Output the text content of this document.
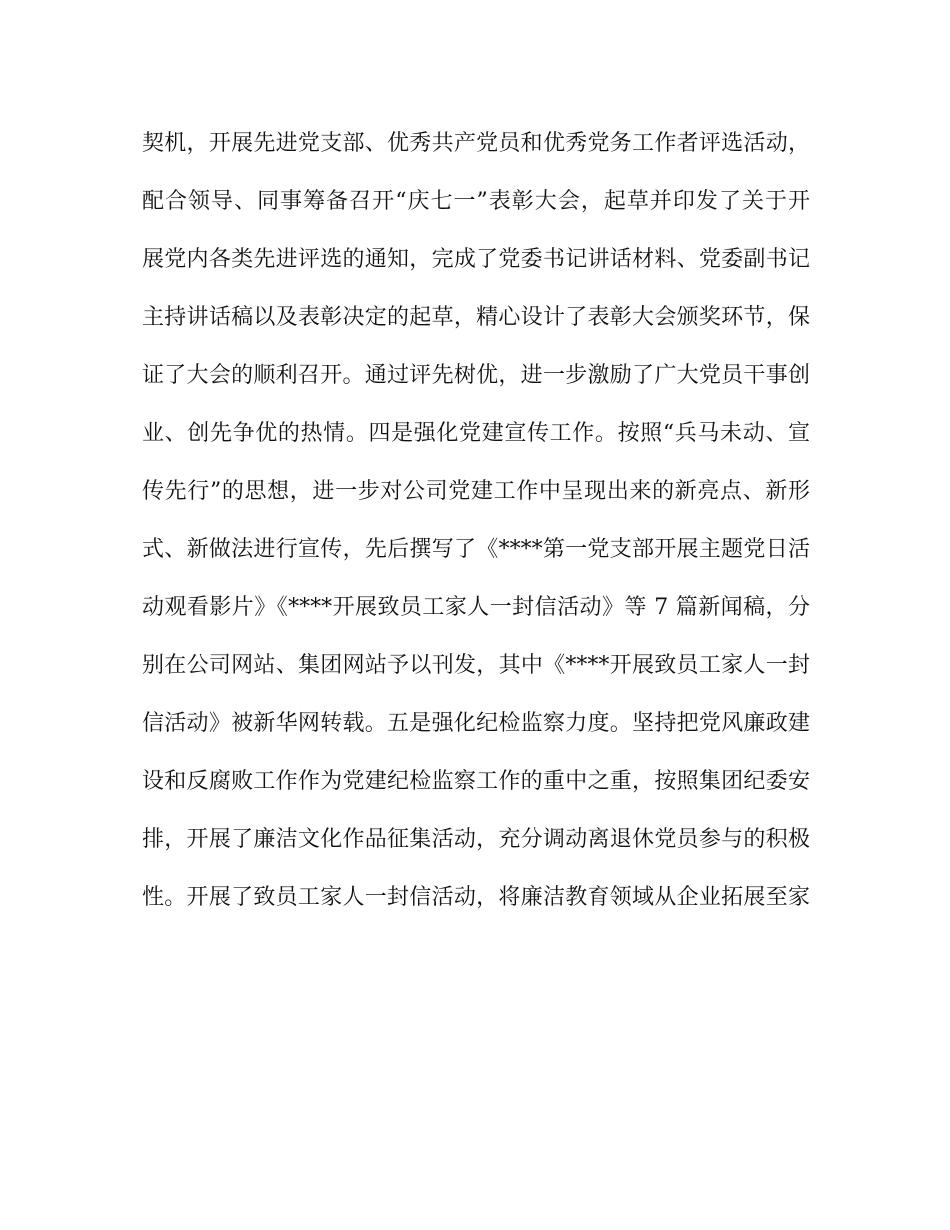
契机，开展先进党支部、优秀共产党员和优秀党务工作者评选活动，
配合领导、同事筹备召开“庆七一”表彰大会，起草并印发了关于开
展党内各类先进评选的通知，完成了党委书记讲话材料、党委副书记
主持讲话稿以及表彰决定的起草，精心设计了表彰大会颁奖环节，保
证了大会的顺利召开。通过评先树优，进一步激励了广大党员干事创
业、创先争优的热情。四是强化党建宣传工作。按照“兵马未动、宣
传先行”的思想，进一步对公司党建工作中呈现出来的新亮点、新形
式、新做法进行宣传，先后撰写了《****第一党支部开展主题党日活
动观看影片》《****开展致员工家人一封信活动》等 7 篇新闻稿，分
别在公司网站、集团网站予以刊发，其中《****开展致员工家人一封
信活动》被新华网转载。五是强化纪检监察力度。坚持把党风廉政建
设和反腐败工作作为党建纪检监察工作的重中之重，按照集团纪委安
排，开展了廉洁文化作品征集活动，充分调动离退休党员参与的积极
性。开展了致员工家人一封信活动，将廉洁教育领域从企业拓展至家
